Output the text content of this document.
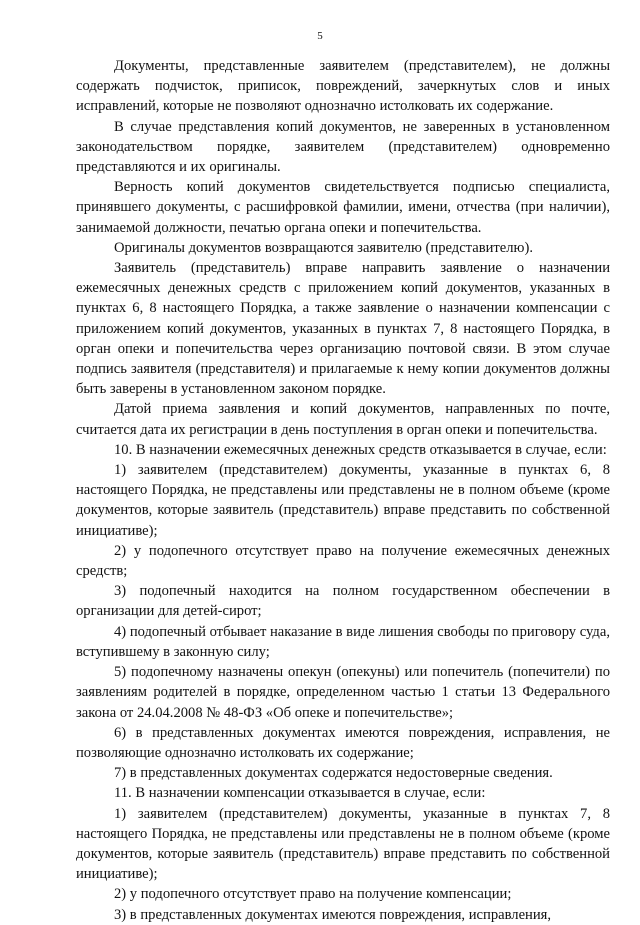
5

Документы, представленные заявителем (представителем), не должны содержать подчисток, приписок, повреждений, зачеркнутых слов и иных исправлений, которые не позволяют однозначно истолковать их содержание.

В случае представления копий документов, не заверенных в установленном законодательством порядке, заявителем (представителем) одновременно представляются и их оригиналы.

Верность копий документов свидетельствуется подписью специалиста, принявшего документы, с расшифровкой фамилии, имени, отчества (при наличии), занимаемой должности, печатью органа опеки и попечительства.

Оригиналы документов возвращаются заявителю (представителю).

Заявитель (представитель) вправе направить заявление о назначении ежемесячных денежных средств с приложением копий документов, указанных в пунктах 6, 8 настоящего Порядка, а также заявление о назначении компенсации с приложением копий документов, указанных в пунктах 7, 8 настоящего Порядка, в орган опеки и попечительства через организацию почтовой связи. В этом случае подпись заявителя (представителя) и прилагаемые к нему копии документов должны быть заверены в установленном законом порядке.

Датой приема заявления и копий документов, направленных по почте, считается дата их регистрации в день поступления в орган опеки и попечительства.

10. В назначении ежемесячных денежных средств отказывается в случае, если:

1) заявителем (представителем) документы, указанные в пунктах 6, 8 настоящего Порядка, не представлены или представлены не в полном объеме (кроме документов, которые заявитель (представитель) вправе представить по собственной инициативе);

2) у подопечного отсутствует право на получение ежемесячных денежных средств;

3) подопечный находится на полном государственном обеспечении в организации для детей-сирот;

4) подопечный отбывает наказание в виде лишения свободы по приговору суда, вступившему в законную силу;

5) подопечному назначены опекун (опекуны) или попечитель (попечители) по заявлениям родителей в порядке, определенном частью 1 статьи 13 Федерального закона от 24.04.2008 № 48-ФЗ «Об опеке и попечительстве»;

6) в представленных документах имеются повреждения, исправления, не позволяющие однозначно истолковать их содержание;

7) в представленных документах содержатся недостоверные сведения.

11. В назначении компенсации отказывается в случае, если:

1) заявителем (представителем) документы, указанные в пунктах 7, 8 настоящего Порядка, не представлены или представлены не в полном объеме (кроме документов, которые заявитель (представитель) вправе представить по собственной инициативе);

2) у подопечного отсутствует право на получение компенсации;

3) в представленных документах имеются повреждения, исправления,
